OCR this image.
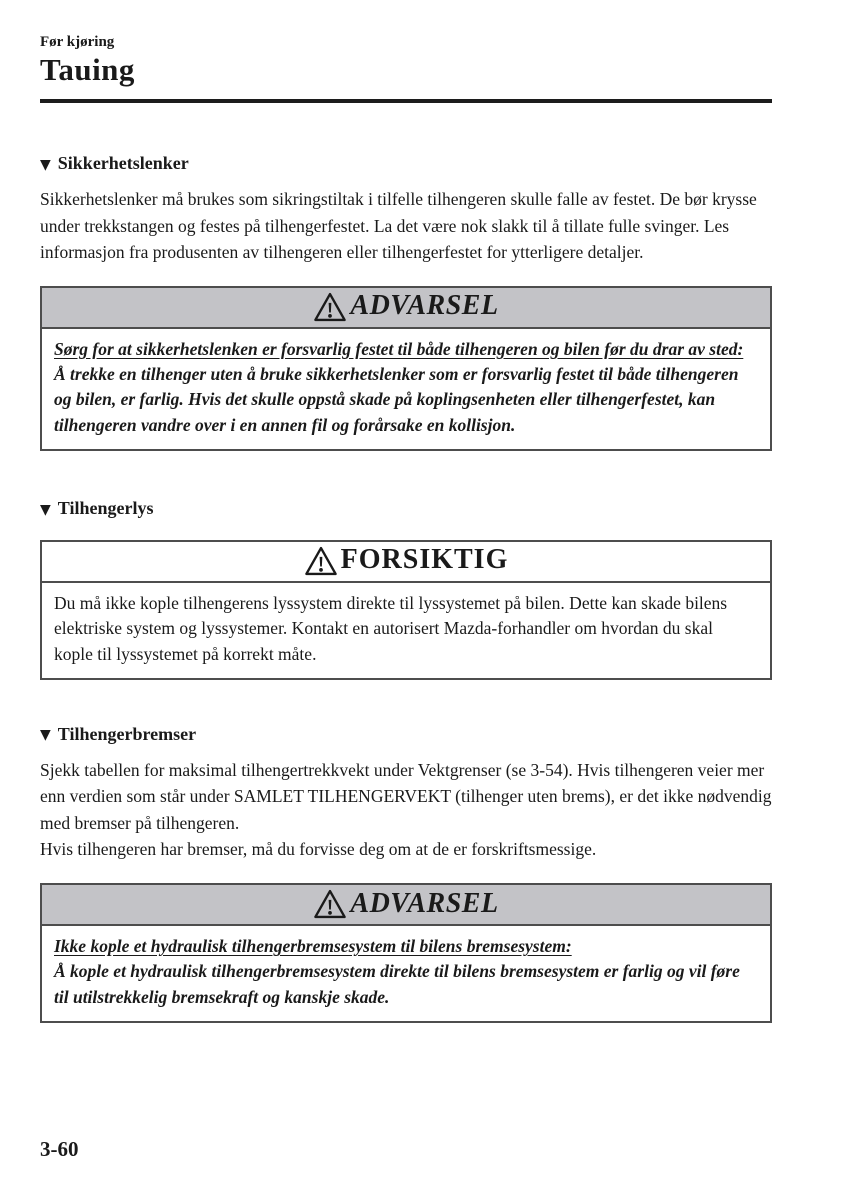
Før kjøring
Tauing
▼ Sikkerhetslenker

Sikkerhetslenker må brukes som sikringstiltak i tilfelle tilhengeren skulle falle av festet. De bør krysse under trekkstangen og festes på tilhengerfestet. La det være nok slakk til å tillate fulle svinger. Les informasjon fra produsenten av tilhengeren eller tilhengerfestet for ytterligere detaljer.

ADVARSEL
Sørg for at sikkerhetslenken er forsvarlig festet til både tilhengeren og bilen før du drar av sted:
Å trekke en tilhenger uten å bruke sikkerhetslenker som er forsvarlig festet til både tilhengeren og bilen, er farlig. Hvis det skulle oppstå skade på koplingsenheten eller tilhengerfestet, kan tilhengeren vandre over i en annen fil og forårsake en kollisjon.
▼ Tilhengerlys
FORSIKTIG
Du må ikke kople tilhengerens lyssystem direkte til lyssystemet på bilen. Dette kan skade bilens elektriske system og lyssystemer. Kontakt en autorisert Mazda-forhandler om hvordan du skal kople til lyssystemet på korrekt måte.
▼ Tilhengerbremser

Sjekk tabellen for maksimal tilhengertrekkvekt under Vektgrenser (se 3-54). Hvis tilhengeren veier mer enn verdien som står under SAMLET TILHENGERVEKT (tilhenger uten brems), er det ikke nødvendig med bremser på tilhengeren.

Hvis tilhengeren har bremser, må du forvisse deg om at de er forskriftsmessige.

ADVARSEL
Ikke kople et hydraulisk tilhengerbremsesystem til bilens bremsesystem:
Å kople et hydraulisk tilhengerbremsesystem direkte til bilens bremsesystem er farlig og vil føre til utilstrekkelig bremsekraft og kanskje skade.
3-60
